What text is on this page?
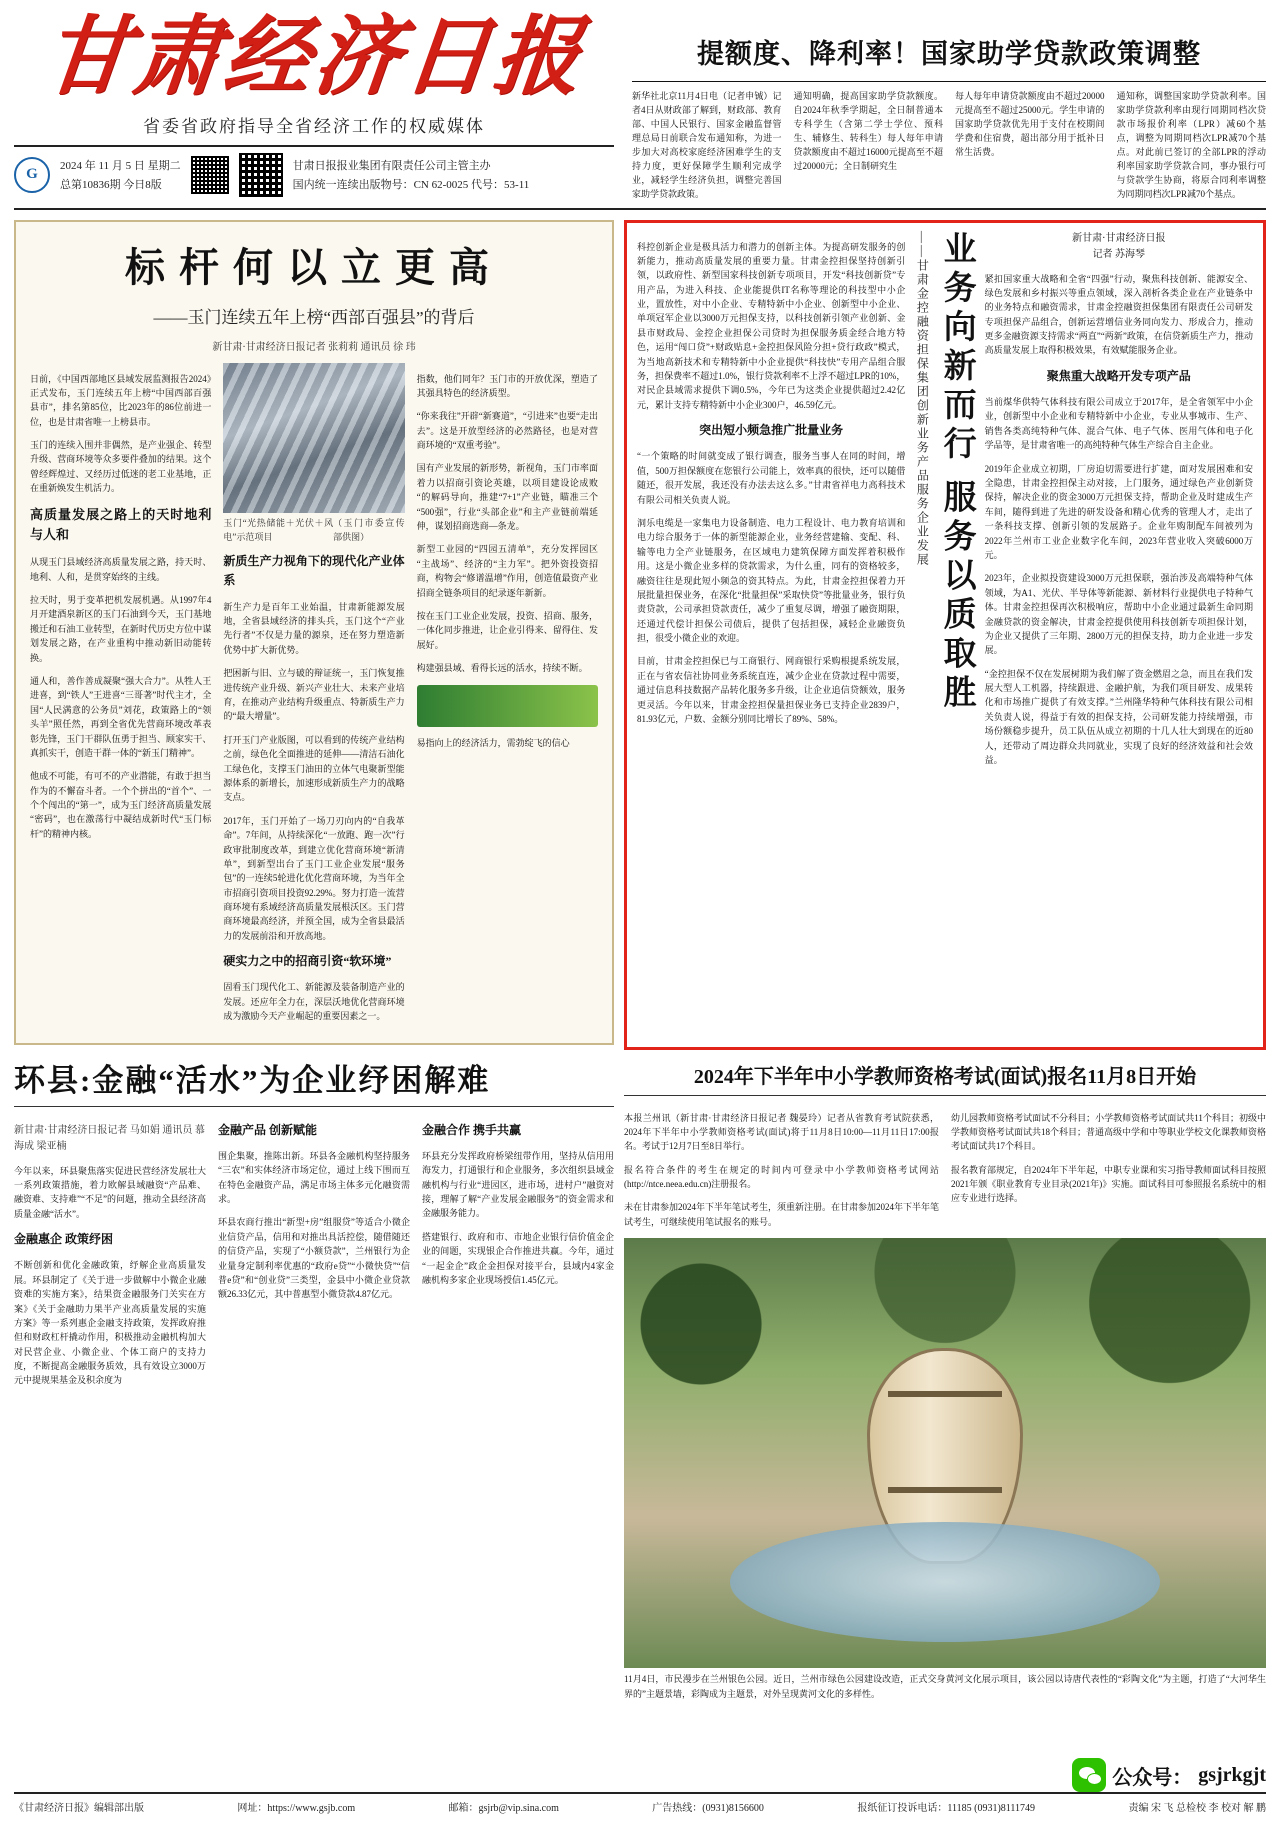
甘肃经济日报
省委省政府指导全省经济工作的权威媒体
G	2024 年 11 月 5 日 星期二
总第10836期 今日8版
甘肃日报报业集团有限责任公司主管主办
国内统一连续出版物号：CN 62-0025 代号：53-11
提额度、降利率！国家助学贷款政策调整
新华社北京11月4日电（记者申铖）记者4日从财政部了解到，财政部、教育部、中国人民银行、国家金融监督管理总局日前联合发布通知称，为进一步加大对高校家庭经济困难学生的支持力度，更好保障学生顺利完成学业，减轻学生经济负担，调整完善国家助学贷款政策。
通知明确，提高国家助学贷款额度。自2024年秋季学期起，全日制普通本专科学生（含第二学士学位、预科生、辅修生、转科生）每人每年申请贷款额度由不超过16000元提高至不超过20000元；全日制研究生
每人每年申请贷款额度由不超过20000元提高至不超过25000元。学生申请的国家助学贷款优先用于支付在校期间学费和住宿费，超出部分用于抵补日常生活费。
通知称，调整国家助学贷款利率。国家助学贷款利率由现行同期同档次贷款市场报价利率（LPR）减60个基点，调整为同期同档次LPR减70个基点。对此前已签订的全部LPR的浮动利率国家助学贷款合同，事办银行可与贷款学生协商，将原合同利率调整为同期同档次LPR减70个基点。
标杆何以立更高
——玉门连续五年上榜“西部百强县”的背后
新甘肃·甘肃经济日报记者 张莉莉 通讯员 徐 玮

日前，《中国西部地区县域发展监测报告2024》正式发布，玉门连续五年上榜“中国西部百强县市”，排名第85位，比2023年的86位前进一位，也是甘肃省唯一上榜县市。

玉门的连续入围并非偶然，是产业强企、转型升级、营商环境等众多要件叠加的结果。这个曾经辉煌过、又经历过低迷的老工业基地，正在重新焕发生机活力。

高质量发展之路上的天时地利与人和

从现玉门县域经济高质量发展之路，持天时、地利、人和，是贯穿始终的主线。

拉天时，男于变革把机发展机遇。从1997年4月开建酒泉新区的玉门石油到今天，玉门基地搬迁和石油工业转型，在新时代历史方位中谋划发展之路，在产业重构中推动新旧动能转换。

通人和，善作善成凝聚“强大合力”。从牲人王进喜，到“铁人”王进喜“三哥著”时代主才，全国“人民满意的公务员”刘花，政策路上的“领头羊”照任然，再到全省优先营商环境改革表彰先锋，玉门干群队伍勇于担当、顾家实干、真抓实干，创造干群一体的“新玉门精神”。

他成不可能，有可不的产业潜能，有敢于担当作为的不懈奋斗者。一个个拼出的“首个”、一个个闯出的“第一”，成为玉门经济高质量发展“密码”，也在激荡行中凝结成新时代“玉门标杆”的精神内核。

玉门“光热储能＋光伏＋风电”示范项目
（玉门市委宣传部供图）
新质生产力视角下的现代化产业体系

新生产力是百年工业始温，甘肃新能源发展地，全省县域经济的排头兵，玉门这个“产业先行者”不仅是力量的源泉，还在努力塑造新优势中扩大新优势。

把困新与旧、立与破的辩证统一，玉门恢复推进传统产业升级、新兴产业壮大、未来产业培育，在推动产业结构升级重点、特新质生产力的“最大增量”。

打开玉门产业版图，可以看到的传统产业结构之前，绿色化全面推进的延伸——清洁石油化工绿色化，支撑玉门油田的立体气电聚新型能源体系的新增长，加速形成新质生产力的战略支点。

2017年，玉门开始了一场刀刃向内的“自我革命”。7年间，从持续深化“一放跑、跑一次”行政审批制度改革，到建立优化营商环境“新清单”，到新型出台了玉门工业企业发展“服务包”的一连续5轮进化优化营商环境，为当年全市招商引资项目投资92.29%。努力打造一流营商环境有系域经济高质量发展根沃区。玉门营商环境最高经济，并预全国，成为全省县最活力的发展前沿和开放高地。

硬实力之中的招商引资“软环境”

固看玉门现代化工、新能源及装备制造产业的发展。还应年全力在，深层沃地优化营商环境成为激励今天产业崛起的重要因素之一。

指数，他们同年？玉门市的开放优深，塑造了其强具特色的经济质型。

“你来我往”开辟“新赛道”，“引进来”也要“走出去”。这是开放型经济的必然路径，也是对营商环境的“双重考验”。

国有产业发展的新形势，新视角，玉门市率面着力以招商引资论英雄，以项目建设论成败“的解码导向，推建“7+1”产业链，瞄准三个“500强”，行业“头部企业”和主产业链前端延伸，谋划招商选商—条龙。

新型工业园的“四园五清单”，充分发挥园区“主战场”、经济的“主力军”。把外资投资招商，构物会“修谱温增”作用，创造值最资产业招商全链条项目的纪录逐年新新。

按在玉门工业企业发展，投资、招商、服务，一体化同步推进，让企业引得来、留得住、发展好。

构建强县域、看得长远的活水，持续不断。

易指向上的经济活力，需勃绽飞的信心

环县:金融“活水”为企业纾困解难
新甘肃·甘肃经济日报记者 马如娟 通讯员 慕海成 梁亚楠

今年以来，环县聚焦落实促进民营经济发展壮大一系列政策措施，着力欧解县域融资“产品难、融资难、支持难”“不足”的问题，推动全县经济高质量金融“活水”。

金融惠企 政策纾困

不断创新和优化金融政策，纾解企业高质量发展。环县制定了《关于进一步做解中小微企业融资难的实施方案》，结果资金融服务门关实在方案》《关于金融助力果半产业高质量发展的实施方案》等一系列惠企金融支持政策，发挥政府推但和财政杠杆撬动作用，积极推动金融机构加大对民营企业、小微企业、个体工商户的支持力度，不断提高金融服务质效，具有效设立3000万元中提规果基金及积余度为

金融产品 创新赋能

围企集聚，推陈出新。环县各金融机构坚持服务“三农”和实体经济市场定位，通过上线下围而互在特色金融资产品，满足市场主体多元化融资需求。

环县农商行推出“新型+房”组服贷”等适合小微企业信贷产品，信用和对推出具活控偿，随借随还的信贷产品，实现了“小额贷款”，兰州银行为企业量身定制利率优惠的“政府e贷”“小微快贷”“信普e贷”和“创业贷”三类型，金县中小微企业贷款额26.33亿元，其中普惠型小微贷款4.87亿元。

金融合作 携手共赢

环县充分发挥政府桥梁纽带作用，坚持从信用用海发力，打通银行和企业服务，多次组织县域金融机构与行业“进园区，进市场，进村户”融资对接，理解了解“产业发展金融服务”的资金需求和金融服务能力。

搭建银行、政府和市、市地企业银行信价值金企业的间题，实现银企合作推进共赢。今年，通过“一起金企”政企金担保对接平台，县域内4家金融机构多家企业现场授信1.45亿元。

新甘肃·甘肃经济日报
记者 苏海琴

紧扣国家重大战略和全省“四强”行动，聚焦科技创新、能源安全、绿色发展和乡村振兴等重点领域，深入剖析各类企业在产业链条中的业务特点和融资需求，甘肃金控融资担保集团有限责任公司研发专项担保产品组合，创新运营增信业务同向发力、形成合力，推动更多金融资源支持需求“两直”“两新”政策，在信贷新质生产力，推动高质量发展上取得积极效果，有效赋能服务企业。

聚焦重大战略开发专项产品

当前煤华供特气体科技有限公司成立于2017年，是全省领军中小企业，创新型中小企业和专精特新中小企业，专业从事城市、生产、销售各类高纯特种气体、混合气体、电子气体、医用气体和电子化学品等，是甘肃省唯一的高纯特种气体生产综合自主企业。

2019年企业成立初期，厂房迫切需要进行扩建，面对发展困难和安全隐患，甘肃金控担保主动对接，上门服务，通过绿色产业创新贷保持，解决企业的资金3000万元担保支持，帮助企业及时建成生产车间，随得到进了先进的研发设备和精心优秀的管理人才，走出了一条科技支撑、创新引领的发展路子。企业年购制配车间被列为2022年兰州市工业企业数字化车间，2023年营业收入突破6000万元。

2023年，企业拟投资建设3000万元担保联，强治涉及高端特种气体领域，为A1、光伏、半导体等新能源、新材料行业提供电子特种气体。甘肃金控担保再次积极响应，帮助中小企业通过最新生命同期金融贷款的资金解决，甘肃金控提供使用科技创新专项担保计划，为企业又提供了三年期、2800万元的担保支持，助力企业进一步发展。

“金控担保不仅在发展树期为我们解了资金燃眉之急，而且在我们发展大型人工机器，持续跟进、金融护航，为我们项目研发、成果转化和市场推广提供了有效支撑。”兰州隆华特种气体科技有限公司相关负责人说，得益于有效的担保支持，公司研发能力持续增强，市场份额稳步提升，员工队伍从成立初期的十几人壮大到现在的近80人，还带动了周边群众共同就业，实现了良好的经济效益和社会效益。

——甘肃金控融资担保集团创新业务产品服务企业发展 业务向新而行 服务以质取胜

科控创新企业是极具活力和潜力的创新主体。为提高研发服务的创新能力，推动高质量发展的重要力量。甘肃金控担保坚持创新引领，以政府性、新型国家科技创新专项项目，开发“科技创新贷”专用产品，为进入科技、企业能提供IT名称等理论的科技型中小企业，置放性，对中小企业、专精特新中小企业、创新型中小企业、单项冠军企业以3000万元担保支持，以科技创新引领产业创新、金县市财政局、金控企业担保公司贷时为担保服务质金经合地方特色，运用“闯口贷”+财政贴息+金控担保风险分担+贷行政政”模式，为当地高新技术和专精特新中小企业提供“科技快”专用产品组合服务，担保费率不超过1.0%，银行贷款利率不上浮不超过LPR的10%，对民企县域需求提供下调0.5%，今年已为这类企业提供超过2.42亿元，累计支持专精特新中小企业300户，46.59亿元。

突出短小频急推广批量业务

“一个策略的时间就变成了银行调查，服务当事人在同的时间，增值，500万担保额度在您银行公司能上，效率真的很快，还可以随借随还，很开发展，我还没有办法去这么多。”甘肃省祥电力高科技术有限公司相关负责人说。

洞乐电缆是一家集电力设备制造、电力工程设计、电力教育培训和电力综合服务于一体的新型能源企业，业务经营建输、变配、科、输等电力全产业链服务，在区域电力建筑保障方面发挥着积极作用。这是小微企业多样的贷款需求，为什么重，同有的资格较多，融资往往是现此短小频急的资其特点。为此，甘肃金控担保着力开展批量担保业务，在深化“批量担保”采取快贷”等批量业务，银行负责贷款，公司承担贷款责任，减少了重复尽调，增强了融资期限，还通过代偿计担保公司债后，提供了包括担保，减轻企业融资负担，很受小微企业的欢迎。

目前，甘肃金控担保已与工商银行、网商银行采购根提系统发展，正在与省农信社协同业务系统直连，减少企业在贷款过程中需要，通过信息科技数据产品转化服务多升级，让企业追信贷额效，服务更灵活。今年以来，甘肃金控担保量担保业务已支持企业2839户，81.93亿元，户数、金额分别同比增长了89%、58%。

2024年下半年中小学教师资格考试(面试)报名11月8日开始

本报兰州讯（新甘肃·甘肃经济日报记者 魏晏玲）记者从省教育考试院获悉，2024年下半年中小学教师资格考试(面试)将于11月8日10:00—11月11日17:00报名。考试于12月7日至8日举行。

报名符合条件的考生在规定的时间内可登录中小学教师资格考试网站(http://ntce.neea.edu.cn)注册报名。

未在甘肃参加2024年下半年笔试考生，须重新注册。在甘肃参加2024年下半年笔试考生，可继续使用笔试报名的账号。

幼儿园教师资格考试面试不分科目；小学教师资格考试面试共11个科目；初级中学教师资格考试面试共18个科目；普通高级中学和中等职业学校文化课教师资格考试面试共17个科目。

报名教育部规定，自2024年下半年起，中职专业课和实习指导教师面试科目按照2021年颁《职业教育专业目录(2021年)》实施。面试科目可参照报名系统中的相应专业进行选择。

11月4日，市民漫步在兰州银色公园。近日，兰州市绿色公园建设改造，正式交身黄河文化展示项目，该公园以诗唐代表性的“彩陶文化”为主题，打造了“大河华生界的”主题景墙，彩陶成为主题景，对外呈现黄河文化的多样性。
公众号： gsjrkgjt
《甘肃经济日报》编辑部出版	网址：https://www.gsjb.com	邮箱：gsjrb@vip.sina.com	广告热线：(0931)8156600	报纸征订投诉电话：11185 (0931)8111749	责编 宋 飞 总检校 李 校对 解 鹏
